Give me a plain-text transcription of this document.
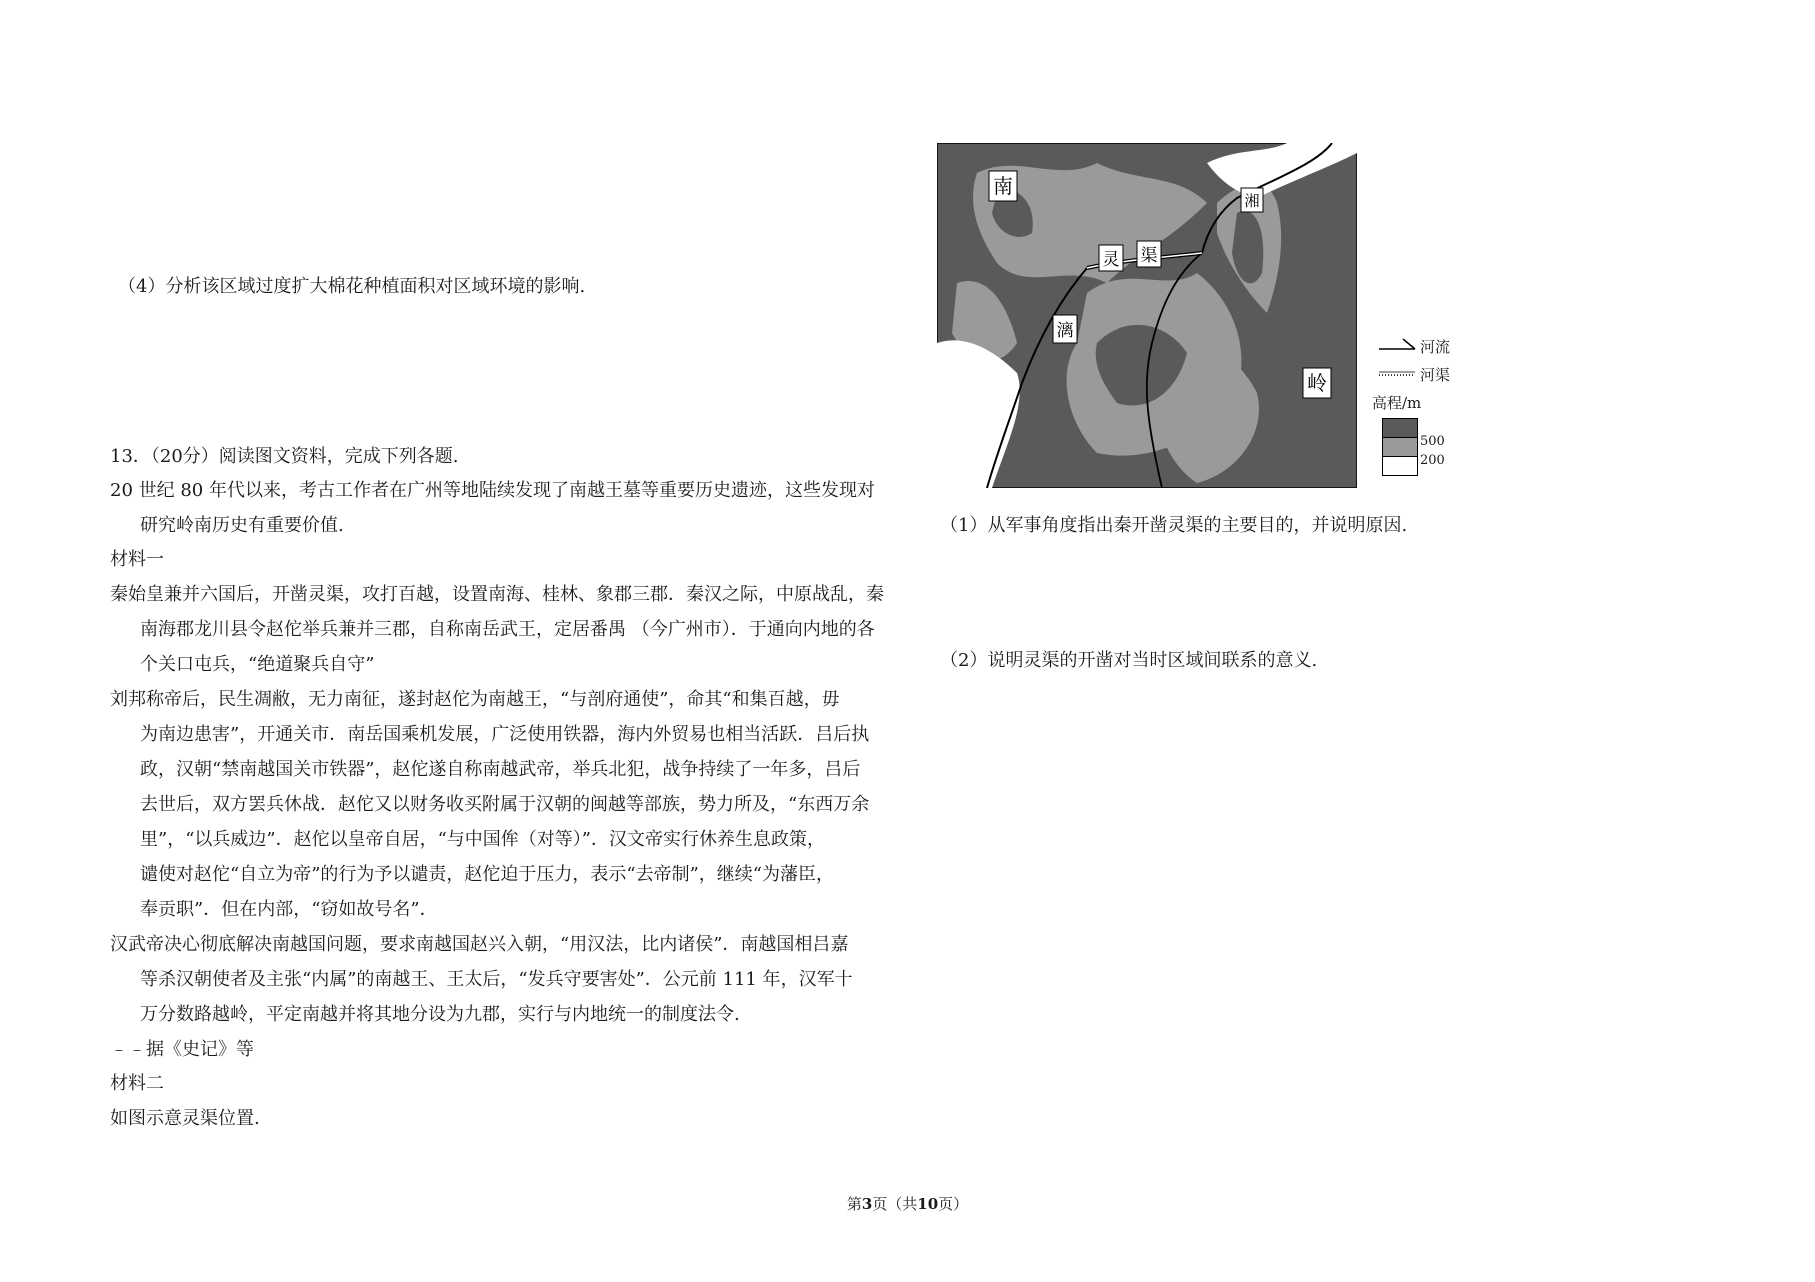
（4）分析该区域过度扩大棉花种植面积对区域环境的影响.
13．（20分）阅读图文资料，完成下列各题.
20 世纪 80 年代以来，考古工作者在广州等地陆续发现了南越王墓等重要历史遗迹，这些发现对
研究岭南历史有重要价值.
材料一
秦始皇兼并六国后，开凿灵渠，攻打百越，设置南海、桂林、象郡三郡．秦汉之际，中原战乱，秦
南海郡龙川县令赵佗举兵兼并三郡，自称南岳武王，定居番禺 （今广州市）．于通向内地的各
个关口屯兵，“绝道聚兵自守”
刘邦称帝后，民生凋敝，无力南征，遂封赵佗为南越王，“与剖府通使”，命其“和集百越，毋
为南边患害”，开通关市．南岳国乘机发展，广泛使用铁器，海内外贸易也相当活跃．吕后执
政，汉朝“禁南越国关市铁器”，赵佗遂自称南越武帝，举兵北犯，战争持续了一年多，吕后
去世后，双方罢兵休战．赵佗又以财务收买附属于汉朝的闽越等部族，势力所及，“东西万余
里”，“以兵威边”．赵佗以皇帝自居，“与中国侔（对等）”．汉文帝实行休养生息政策，
谴使对赵佗“自立为帝”的行为予以谴责，赵佗迫于压力，表示“去帝制”，继续“为藩臣，
奉贡职”．但在内部，“窃如故号名”．
汉武帝决心彻底解决南越国问题，要求南越国赵兴入朝，“用汉法，比内诸侯”．南越国相吕嘉
等杀汉朝使者及主张“内属”的南越王、王太后，“发兵守要害处”．公元前 111 年，汉军十
万分数路越岭，平定南越并将其地分设为九郡，实行与内地统一的制度法令.
﹣﹣据《史记》等
材料二
如图示意灵渠位置.
南
灵 渠
漓
湘
岭
河流
河渠
高程/m
500
200
（1）从军事角度指出秦开凿灵渠的主要目的，并说明原因.
（2）说明灵渠的开凿对当时区域间联系的意义.
第3页（共10页）
